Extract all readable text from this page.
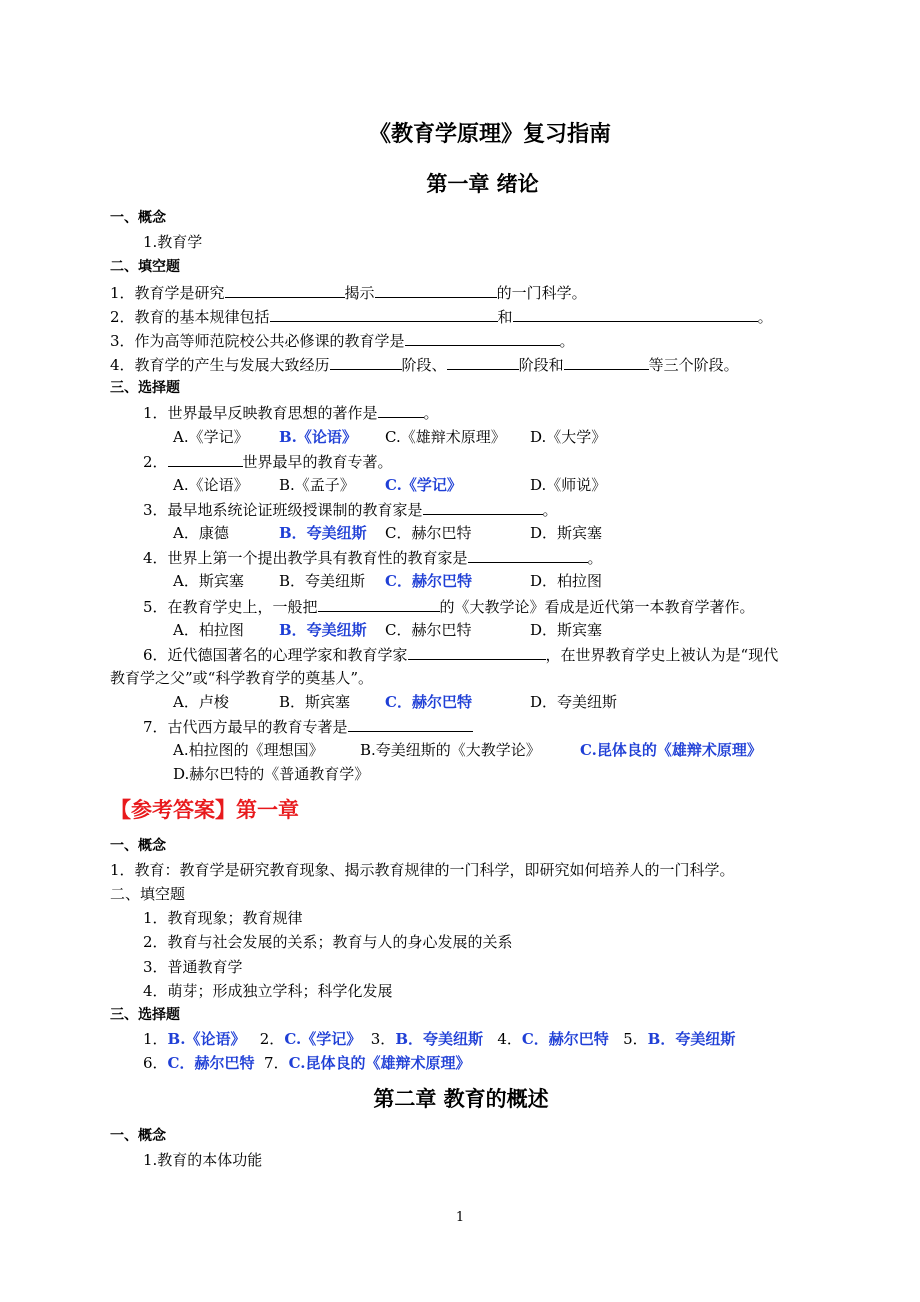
《教育学原理》复习指南
第一章 绪论
一、概念
1.教育学
二、填空题
1．教育学是研究	揭示	的一门科学。
2．教育的基本规律包括	和	。
3．作为高等师范院校公共必修课的教育学是	。
4．教育学的产生与发展大致经历	阶段、	阶段和	等三个阶段。
三、选择题
1．世界最早反映教育思想的著作是	。
A.《学记》 B.《论语》 C.《雄辩术原理》 D.《大学》
2．	世界最早的教育专著。
A.《论语》 B.《孟子》 C.《学记》	D.《师说》
3．最早地系统论证班级授课制的教育家是	。
A．康德	B．夸美纽斯 C．赫尔巴特	D．斯宾塞
4．世界上第一个提出教学具有教育性的教育家是	。
A．斯宾塞 B．夸美纽斯 C．赫尔巴特	D．柏拉图
5．在教育学史上，一般把	的《大教学论》看成是近代第一本教育学著作。
A．柏拉图 B．夸美纽斯 C．赫尔巴特	D．斯宾塞
6．近代德国著名的心理学家和教育学家	，在世界教育学史上被认为是“现代
教育学之父”或“科学教育学的奠基人”。
A．卢梭	B．斯宾塞 C．赫尔巴特	D．夸美纽斯
7．古代西方最早的教育专著是
A.柏拉图的《理想国》 B.夸美纽斯的《大教学论》	C.昆体良的《雄辩术原理》
D.赫尔巴特的《普通教育学》
【参考答案】第一章
一、概念
1．教育：教育学是研究教育现象、揭示教育规律的一门科学，即研究如何培养人的一门科学。
二、填空题
1．教育现象；教育规律
2．教育与社会发展的关系；教育与人的身心发展的关系
3．普通教育学
4．萌芽；形成独立学科；科学化发展
三、选择题
1．B.《论语》 2．C.《学记》 3．B．夸美纽斯 4．C．赫尔巴特 5．B．夸美纽斯
6．C．赫尔巴特 7．C.昆体良的《雄辩术原理》
第二章 教育的概述
一、概念
1.教育的本体功能
1
